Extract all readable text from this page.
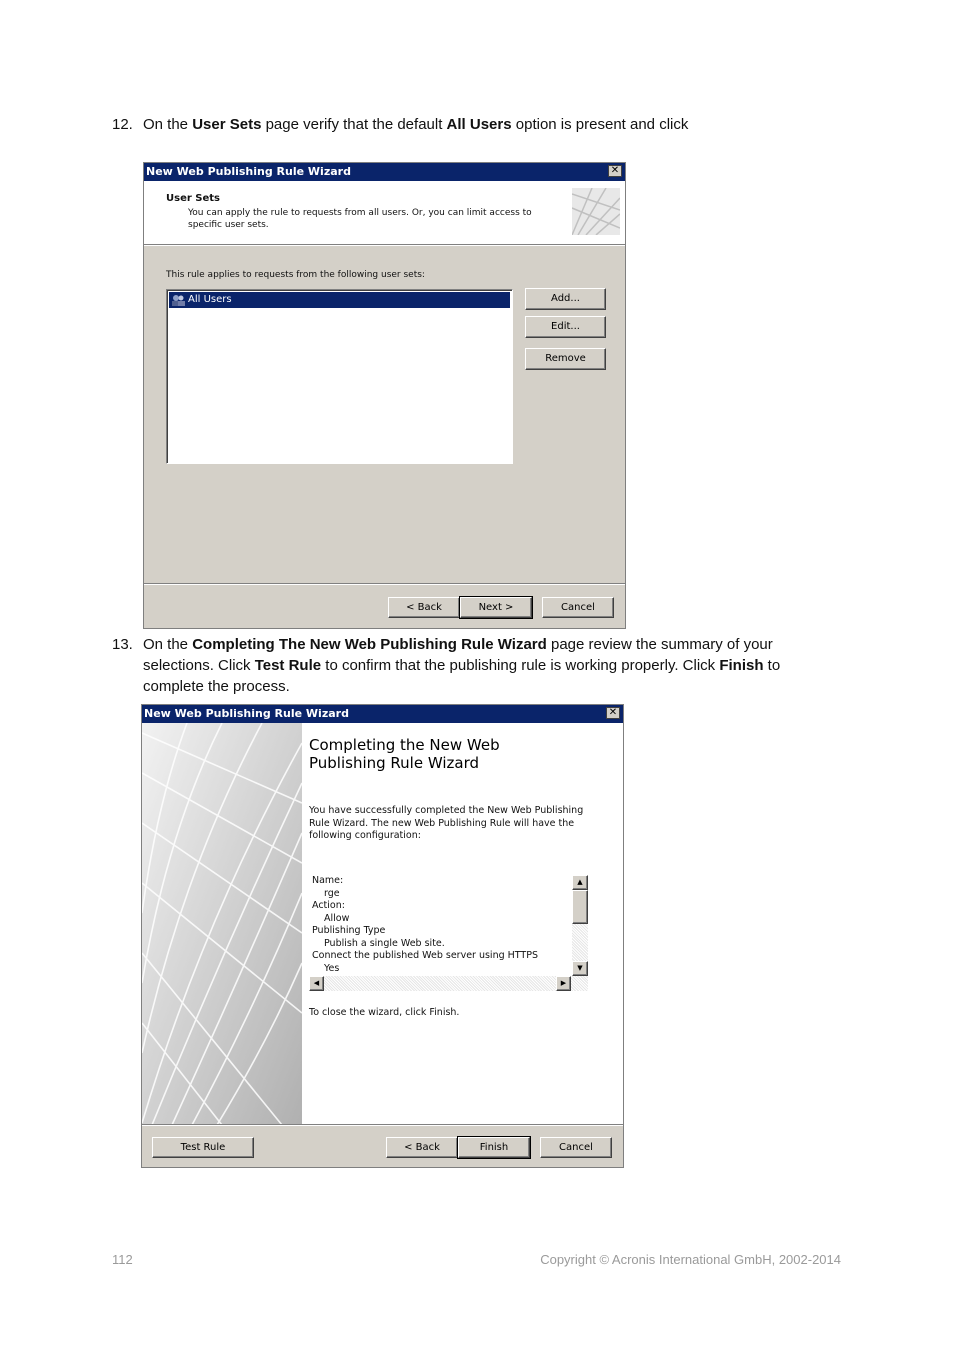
12. On the User Sets page verify that the default All Users option is present and click
New Web Publishing Rule Wizard	✕
User Sets
You can apply the rule to requests from all users. Or, you can limit access to specific user sets.
This rule applies to requests from the following user sets:
All Users	Add...
Edit...
Remove
< Back	Next >	Cancel
13. On the Completing The New Web Publishing Rule Wizard page review the summary of your selections. Click Test Rule to confirm that the publishing rule is working properly. Click Finish to complete the process.
New Web Publishing Rule Wizard	✕
Completing the New Web Publishing Rule Wizard
You have successfully completed the New Web Publishing Rule Wizard. The new Web Publishing Rule will have the following configuration:
Name:
rge
Action:
Allow
Publishing Type
Publish a single Web site.
Connect the published Web server using HTTPS
Yes
▲
▼
◀	▶
To close the wizard, click Finish.
Test Rule	< Back	Finish	Cancel
112	Copyright © Acronis International GmbH, 2002-2014
